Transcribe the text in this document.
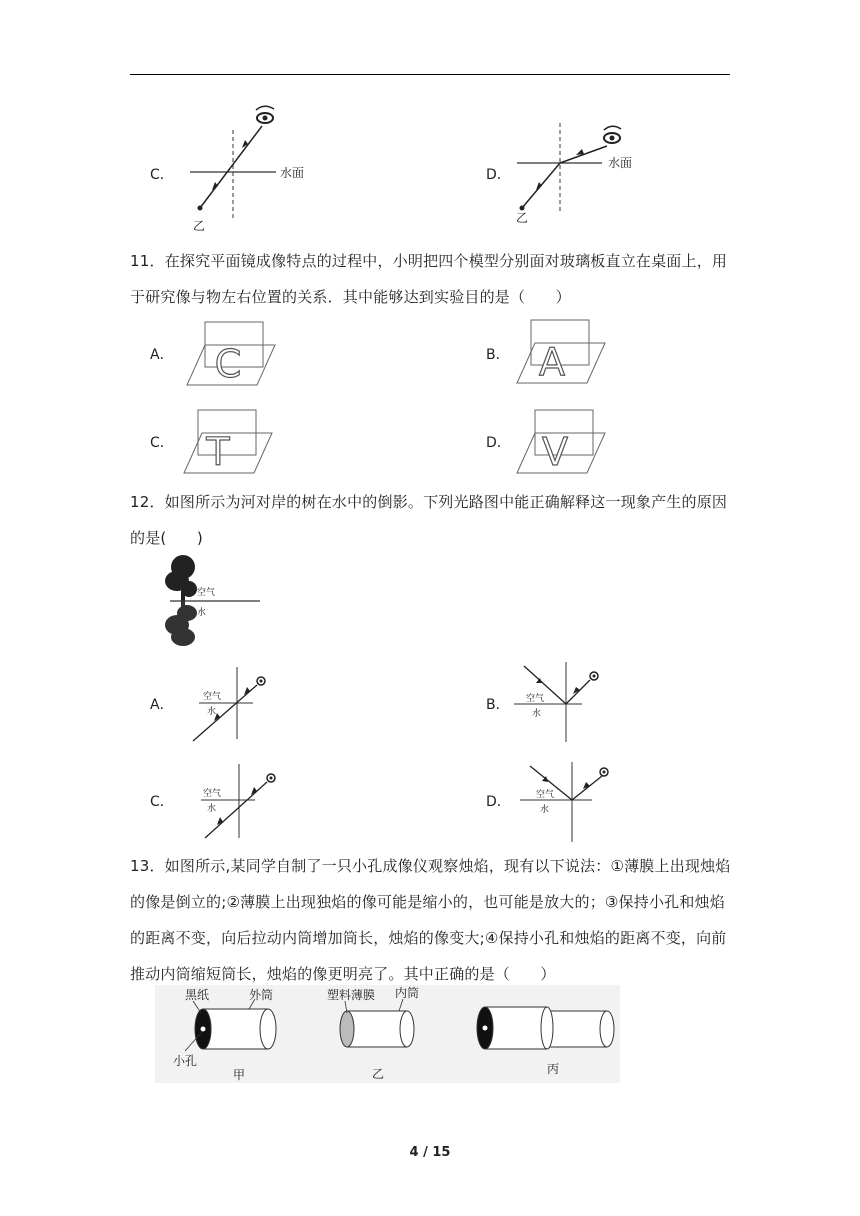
C．	水面
乙
D．
水面
乙
11．在探究平面镜成像特点的过程中，小明把四个模型分别面对玻璃板直立在桌面上，用于研究像与物左右位置的关系．其中能够达到实验目的是（　　）
A． C	B． A
C． T	D． V
12．如图所示为河对岸的树在水中的倒影。下列光路图中能正确解释这一现象产生的原因的是(　　)
空气
水
A．	空气
水	B． 空气
水
C．	空气
水	D．	空气
水
13．如图所示,某同学自制了一只小孔成像仪观察烛焰，现有以下说法：①薄膜上出现烛焰的像是倒立的;②薄膜上出现独焰的像可能是缩小的，也可能是放大的；③保持小孔和烛焰的距离不变，向后拉动内筒增加筒长，烛焰的像变大;④保持小孔和烛焰的距离不变，向前推动内筒缩短筒长，烛焰的像更明亮了。其中正确的是（　　）
黑纸	外筒
小孔
甲
塑料薄膜 内筒
乙	丙
4 / 15
